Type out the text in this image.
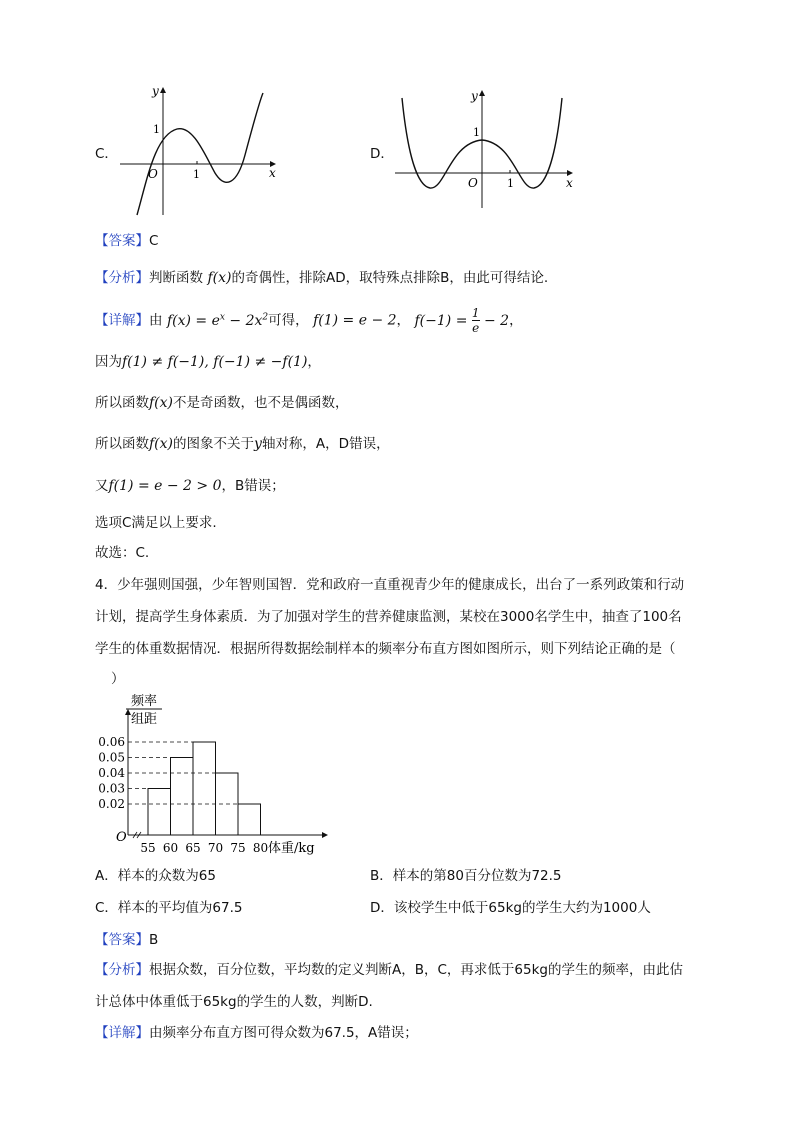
C．
y
x
O
1
1
D．
y
x
O
1
1
【答案】C
【分析】判断函数 f(x)的奇偶性，排除AD，取特殊点排除B，由此可得结论.
【详解】由 $f(x) = e^x - 2x^2$可得， f(1) = e − 2， $f(-1) = \frac{1}{e} - 2$，
因为f(1) ≠ f(−1), f(−1) ≠ −f(1)，
所以函数f(x)不是奇函数，也不是偶函数，
所以函数f(x)的图象不关于y轴对称，A，D错误，
又f(1) = e − 2 > 0，B错误；
选项C满足以上要求.
故选：C.
4．少年强则国强，少年智则国智．党和政府一直重视青少年的健康成长，出台了一系列政策和行动
计划，提高学生身体素质．为了加强对学生的营养健康监测，某校在3000名学生中，抽查了100名
学生的体重数据情况．根据所得数据绘制样本的频率分布直方图如图所示，则下列结论正确的是（
）
0.02
0.03
0.04
0.05
0.06
55 60 65 70 75 80
O
频率
组距
体重/kg
A．样本的众数为65	B．样本的第80百分位数为72.5
C．样本的平均值为67.5	D．该校学生中低于65kg的学生大约为1000人
【答案】B
【分析】根据众数，百分位数，平均数的定义判断A，B，C，再求低于65kg的学生的频率，由此估
计总体中体重低于65kg的学生的人数，判断D.
【详解】由频率分布直方图可得众数为67.5，A错误；
